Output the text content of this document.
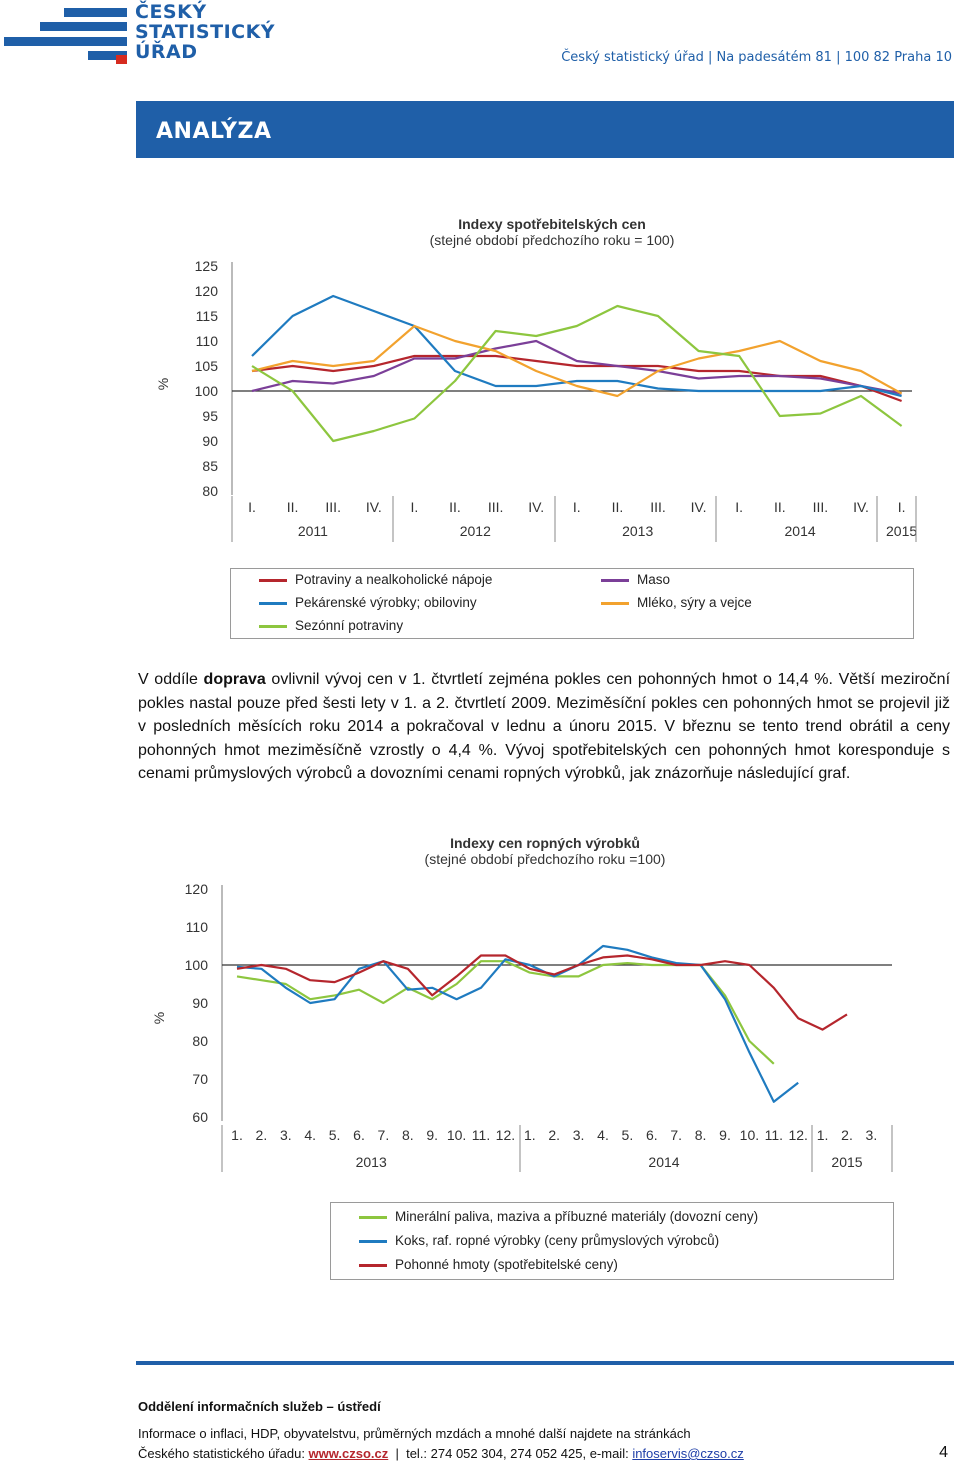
ČESKÝ
STATISTICKÝ
ÚŘAD	Český statistický úřad | Na padesátém 81 | 100 82 Praha 10
ANALÝZA
Indexy spotřebitelských cen
(stejné období předchozího roku = 100)
125
120
115
110
105
100
95
90
85
80
%
I. II. III. IV. I. II. III. IV. I. II. III. IV. I. II. III. IV. I.
2011	2012	2013	2014	2015
Potraviny a nealkoholické nápoje	Maso
Pekárenské výrobky; obiloviny	Mléko, sýry a vejce
Sezónní potraviny
V oddíle doprava ovlivnil vývoj cen v 1. čtvrtletí zejména pokles cen pohonných hmot o 14,4 %. Větší meziroční pokles nastal pouze před šesti lety v 1. a 2. čtvrtletí 2009. Meziměsíční pokles cen pohonných hmot se projevil již v posledních měsících roku 2014 a pokračoval v lednu a únoru 2015. V březnu se tento trend obrátil a ceny pohonných hmot meziměsíčně vzrostly o 4,4 %. Vývoj spotřebitelských cen pohonných hmot koresponduje s cenami průmyslových výrobců a dovozními cenami ropných výrobků, jak znázorňuje následující graf.
Indexy cen ropných výrobků
(stejné období předchozího roku =100)
120
110
100
90
80
70
60
%
1. 2. 3. 4. 5. 6. 7. 8. 9. 10. 11. 12. 1. 2. 3. 4. 5. 6. 7. 8. 9. 10. 11. 12. 1. 2. 3.
2013	2014	2015
Minerální paliva, maziva a příbuzné materiály (dovozní ceny)
Koks, raf. ropné výrobky (ceny průmyslových výrobců)
Pohonné hmoty (spotřebitelské ceny)
Oddělení informačních služeb – ústředí
Informace o inflaci, HDP, obyvatelstvu, průměrných mzdách a mnohé další najdete na stránkách
Českého statistického úřadu: www.czso.cz  |  tel.: 274 052 304, 274 052 425, e-mail: infoservis@czso.cz	4
